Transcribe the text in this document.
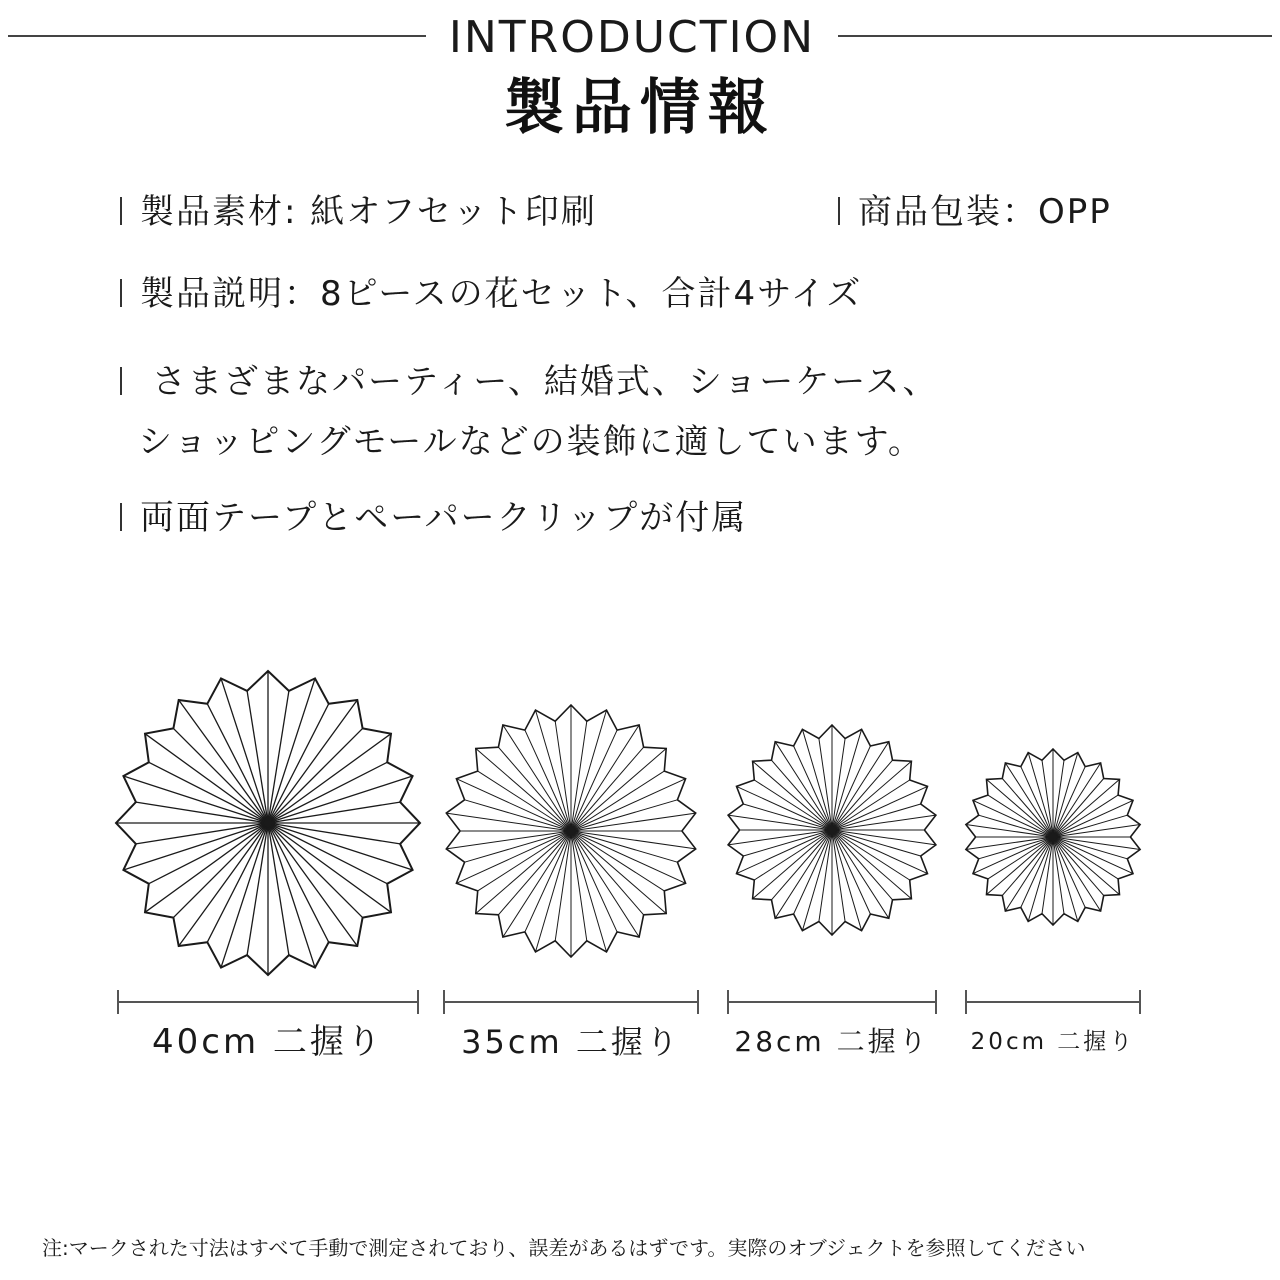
INTRODUCTION
製品情報
製品素材: 紙オフセット印刷	商品包装：OPP
製品説明：8ピースの花セット、合計4サイズ
さまざまなパーティー、結婚式、ショーケース、
ショッピングモールなどの装飾に適しています。
両面テープとペーパークリップが付属
40cm 二握り	35cm 二握り	28cm 二握り 20cm 二握り
注:マークされた寸法はすべて手動で測定されており、誤差があるはずです。実際のオブジェクトを参照してください
